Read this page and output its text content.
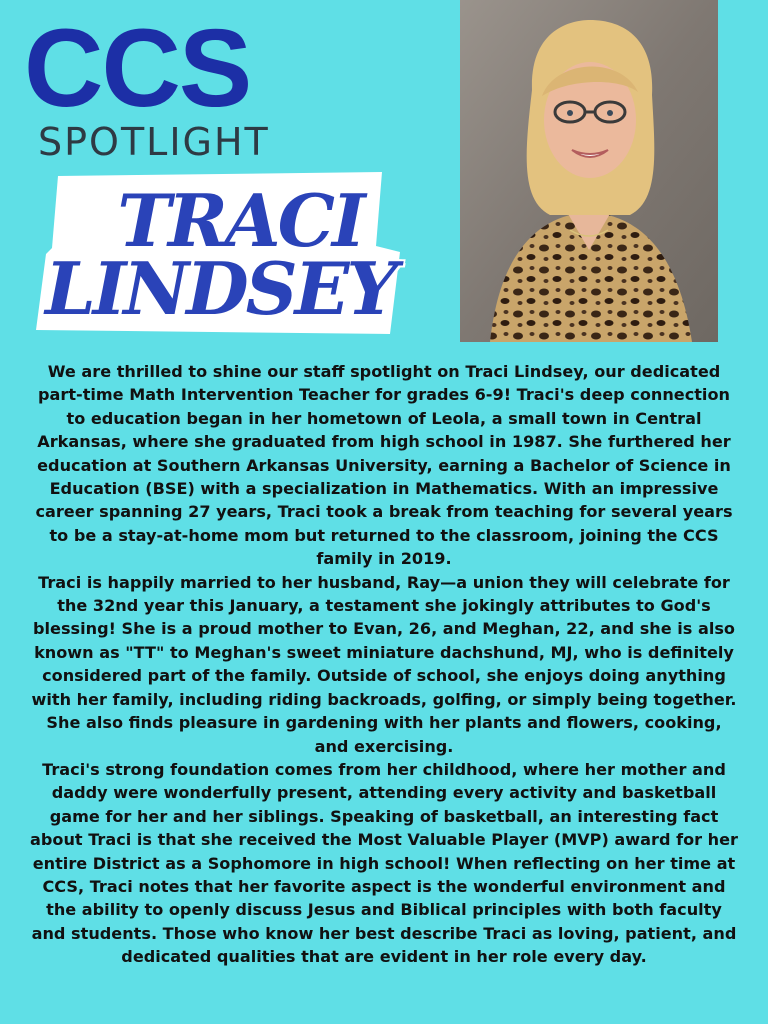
CCS
SPOTLIGHT
TRACI
LINDSEY

We are thrilled to shine our staff spotlight on Traci Lindsey, our dedicated part-time Math Intervention Teacher for grades 6-9! Traci's deep connection to education began in her hometown of Leola, a small town in Central Arkansas, where she graduated from high school in 1987. She furthered her education at Southern Arkansas University, earning a Bachelor of Science in Education (BSE) with a specialization in Mathematics. With an impressive career spanning 27 years, Traci took a break from teaching for several years to be a stay-at-home mom but returned to the classroom, joining the CCS family in 2019.

Traci is happily married to her husband, Ray—a union they will celebrate for the 32nd year this January, a testament she jokingly attributes to God's blessing! She is a proud mother to Evan, 26, and Meghan, 22, and she is also known as "TT" to Meghan's sweet miniature dachshund, MJ, who is definitely considered part of the family. Outside of school, she enjoys doing anything with her family, including riding backroads, golfing, or simply being together. She also finds pleasure in gardening with her plants and flowers, cooking, and exercising.

Traci's strong foundation comes from her childhood, where her mother and daddy were wonderfully present, attending every activity and basketball game for her and her siblings. Speaking of basketball, an interesting fact about Traci is that she received the Most Valuable Player (MVP) award for her entire District as a Sophomore in high school! When reflecting on her time at CCS, Traci notes that her favorite aspect is the wonderful environment and the ability to openly discuss Jesus and Biblical principles with both faculty and students. Those who know her best describe Traci as loving, patient, and dedicated qualities that are evident in her role every day.
